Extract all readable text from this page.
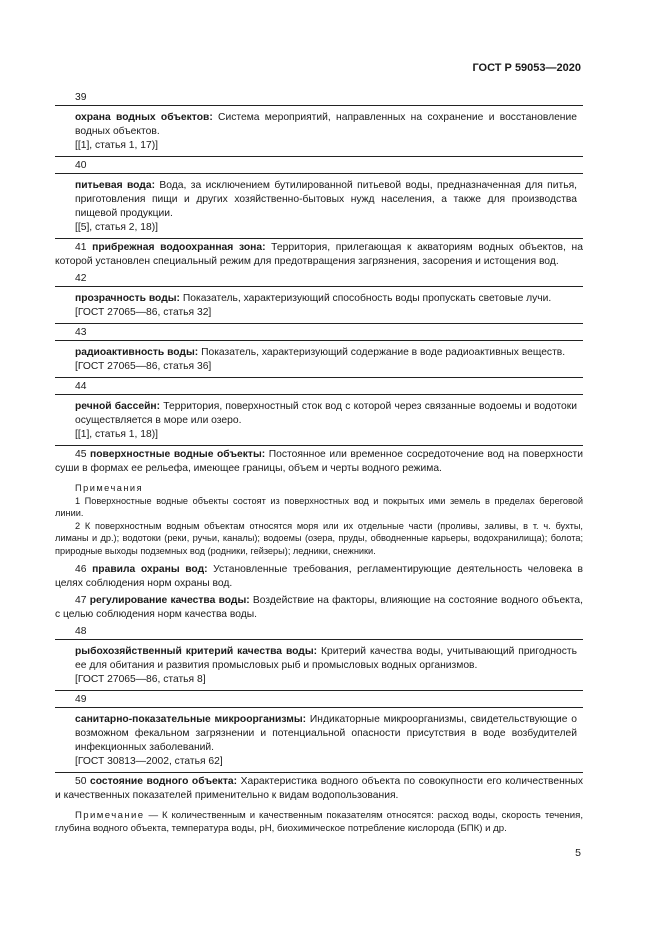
ГОСТ Р 59053—2020
39

охрана водных объектов: Система мероприятий, направленных на сохранение и восстановление водных объектов.

[[1], статья 1, 17)]

40

питьевая вода: Вода, за исключением бутилированной питьевой воды, предназначенная для питья, приготовления пищи и других хозяйственно-бытовых нужд населения, а также для производства пищевой продукции.

[[5], статья 2, 18)]

41 прибрежная водоохранная зона: Территория, прилегающая к акваториям водных объектов, на которой установлен специальный режим для предотвращения загрязнения, засорения и истощения вод.

42

прозрачность воды: Показатель, характеризующий способность воды пропускать световые лучи.

[ГОСТ 27065—86, статья 32]

43

радиоактивность воды: Показатель, характеризующий содержание в воде радиоактивных веществ.

[ГОСТ 27065—86, статья 36]

44

речной бассейн: Территория, поверхностный сток вод с которой через связанные водоемы и водотоки осуществляется в море или озеро.

[[1], статья 1, 18)]

45 поверхностные водные объекты: Постоянное или временное сосредоточение вод на поверхности суши в формах ее рельефа, имеющее границы, объем и черты водного режима.

Примечания

1 Поверхностные водные объекты состоят из поверхностных вод и покрытых ими земель в пределах береговой линии.

2 К поверхностным водным объектам относятся моря или их отдельные части (проливы, заливы, в т. ч. бухты, лиманы и др.); водотоки (реки, ручьи, каналы); водоемы (озера, пруды, обводненные карьеры, водохранилища); болота; природные выходы подземных вод (родники, гейзеры); ледники, снежники.

46 правила охраны вод: Установленные требования, регламентирующие деятельность человека в целях соблюдения норм охраны вод.

47 регулирование качества воды: Воздействие на факторы, влияющие на состояние водного объекта, с целью соблюдения норм качества воды.

48

рыбохозяйственный критерий качества воды: Критерий качества воды, учитывающий пригодность ее для обитания и развития промысловых рыб и промысловых водных организмов.

[ГОСТ 27065—86, статья 8]

49

санитарно-показательные микроорганизмы: Индикаторные микроорганизмы, свидетельствующие о возможном фекальном загрязнении и потенциальной опасности присутствия в воде возбудителей инфекционных заболеваний.

[ГОСТ 30813—2002, статья 62]

50 состояние водного объекта: Характеристика водного объекта по совокупности его количественных и качественных показателей применительно к видам водопользования.

Примечание — К количественным и качественным показателям относятся: расход воды, скорость течения, глубина водного объекта, температура воды, pH, биохимическое потребление кислорода (БПК) и др.

5
